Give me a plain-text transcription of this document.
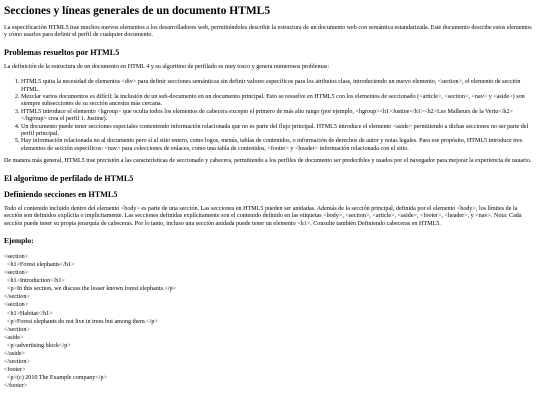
Secciones y líneas generales de un documento HTML5

La especificación HTML5 trae muchos nuevos elementos a los desarrolladores web, permitiéndoles describir la estructura de un documento web con semántica estandarizada. Este documento describe estos elementos y cómo usarlos para definir el perfil de cualquier documento.

Problemas resueltos por HTML5

La definición de la estructura de un documento en HTML 4 y su algoritmo de perfilado es muy tosco y genera numerosos problemas:

1. HTML5 quita la necesidad de elementos <div> para definir secciones semánticas sin definir valores específicos para los atributos class, introduciendo un nuevo elemento, <section>, el elemento de sección HTML.
2. Mezclar varios documentos es difícil: la inclusión de un sub-documento en un documento principal. Esto se resuelve en HTML5 con los elementos de seccionado (<article>, <section>, <nav> y <aside>) son siempre subsecciones de su sección ancestra más cercana.
3. HTML5 introduce el elemento <hgroup> que oculta todos los elementos de cabecera excepto el primero de más alto rango (por ejemplo, <hgroup><h1>Justine</h1><h2>Les Malheurs de la Vertu</h2></hgroup> crea el perfil 1. Justine).
4. Un documento puede tener secciones especiales conteniendo información relacionada que no es parte del flujo principal. HTML5 introduce el elemento <aside> permitiendo a dichas secciones no ser parte del perfil principal.
5. Hay información relacionada no al documento pero sí al sitio entero, como logos, menús, tablas de contenidos, o información de derechos de autor y notas legales. Para ese propósito, HTML5 introduce tres elementos de sección específicos: <nav> para colecciones de enlaces, como una tabla de contenidos, <footer> y <header> información relacionada con el sitio.

De manera más general, HTML5 trae precisión a las características de seccionado y cabecera, permitiendo a los perfiles de documento ser predecibles y usados por el navegador para mejorar la experiencia de usuario.

El algoritmo de perfilado de HTML5
Definiendo secciones en HTML5

Todo el contenido incluido dentro del elemento <body> es parte de una sección. Las secciones en HTML5 pueden ser anidadas. Además de la sección principal, definida por el elemento <body>, los límites de la sección son definidos explícita o implícitamente. Las secciones definidas explícitamente son el contenido definido en las etiquetas <body>, <section>, <article>, <aside>, <footer>, <header>, y <nav>. Nota: Cada sección puede tener su propia jerarquía de cabeceras. Por lo tanto, incluso una sección anidada puede tener un elemento <h1>. Consulte también Definiendo cabeceras en HTML5.

Ejemplo:
<section>
<h1>Forest elephants</h1>
<section>
<h1>Introduction</h1>
<p>In this section, we discuss the lesser known forest elephants.</p>
</section>
<section>
<h1>Habitat</h1>
<p>Forest elephants do not live in trees but among them.</p>
</section>
<aside>
<p>advertising block</p>
</aside>
</section>
<footer>
<p>(c) 2010 The Example company</p>
</footer>
